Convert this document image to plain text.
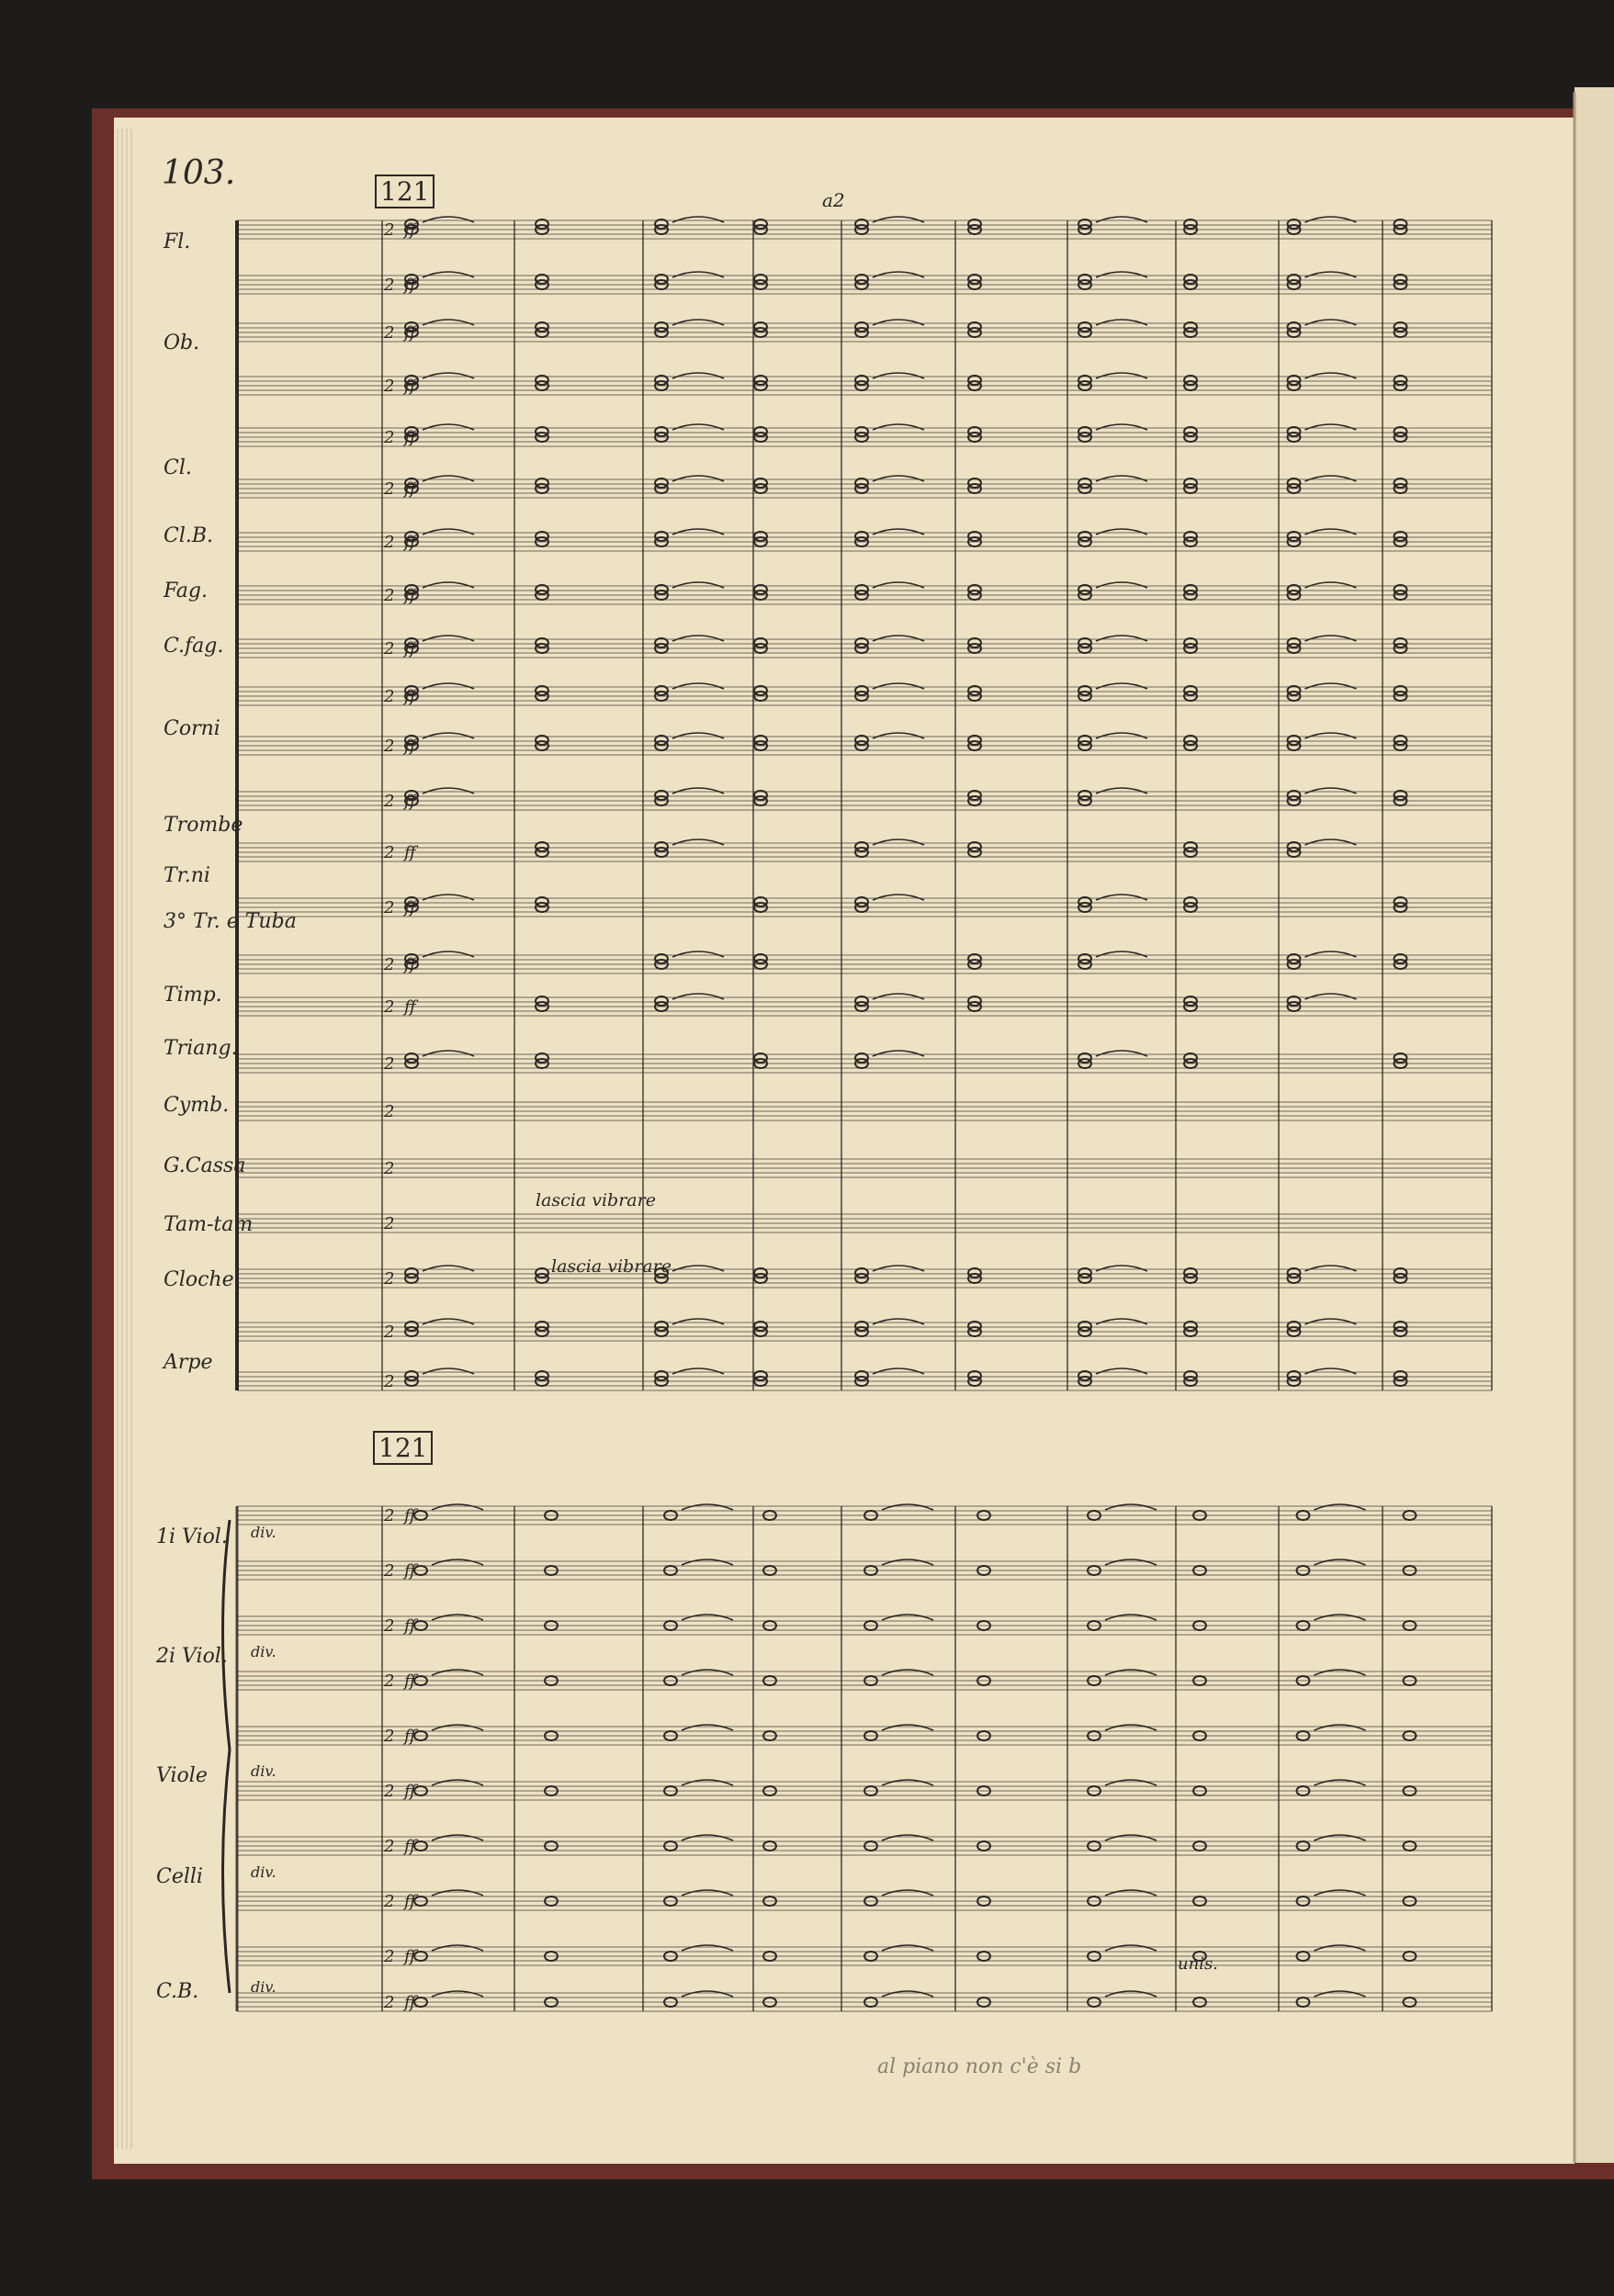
2
2
2
2
2
2
2
2
2
2
2
2
2
2
2
2
2
2
2
2
2
2
2
2
2
2
2
2
2
2
2
2
2
ff
ff
ff
ff
ff
ff
ff
ff
ff
ff
ff
ff
ff
ff
ff
ff
ff
ff
ff
ff
ff
ff
ff
ff
ff
ff
Fl.
Ob.
Cl.
Cl.B.
Fag.
C.fag.
Corni
Trombe
Tr.ni
3° Tr. e Tuba
Timp.
Triang.
Cymb.
G.Cassa
Tam-tam
Cloche
Arpe
1i Viol. div.
2i Viol. div.
Viole	div.
Celli	div.
C.B.	div.
103.	121
121
lascia vibrare
lascia vibrare
a2
unis.
al piano non c'è si b
